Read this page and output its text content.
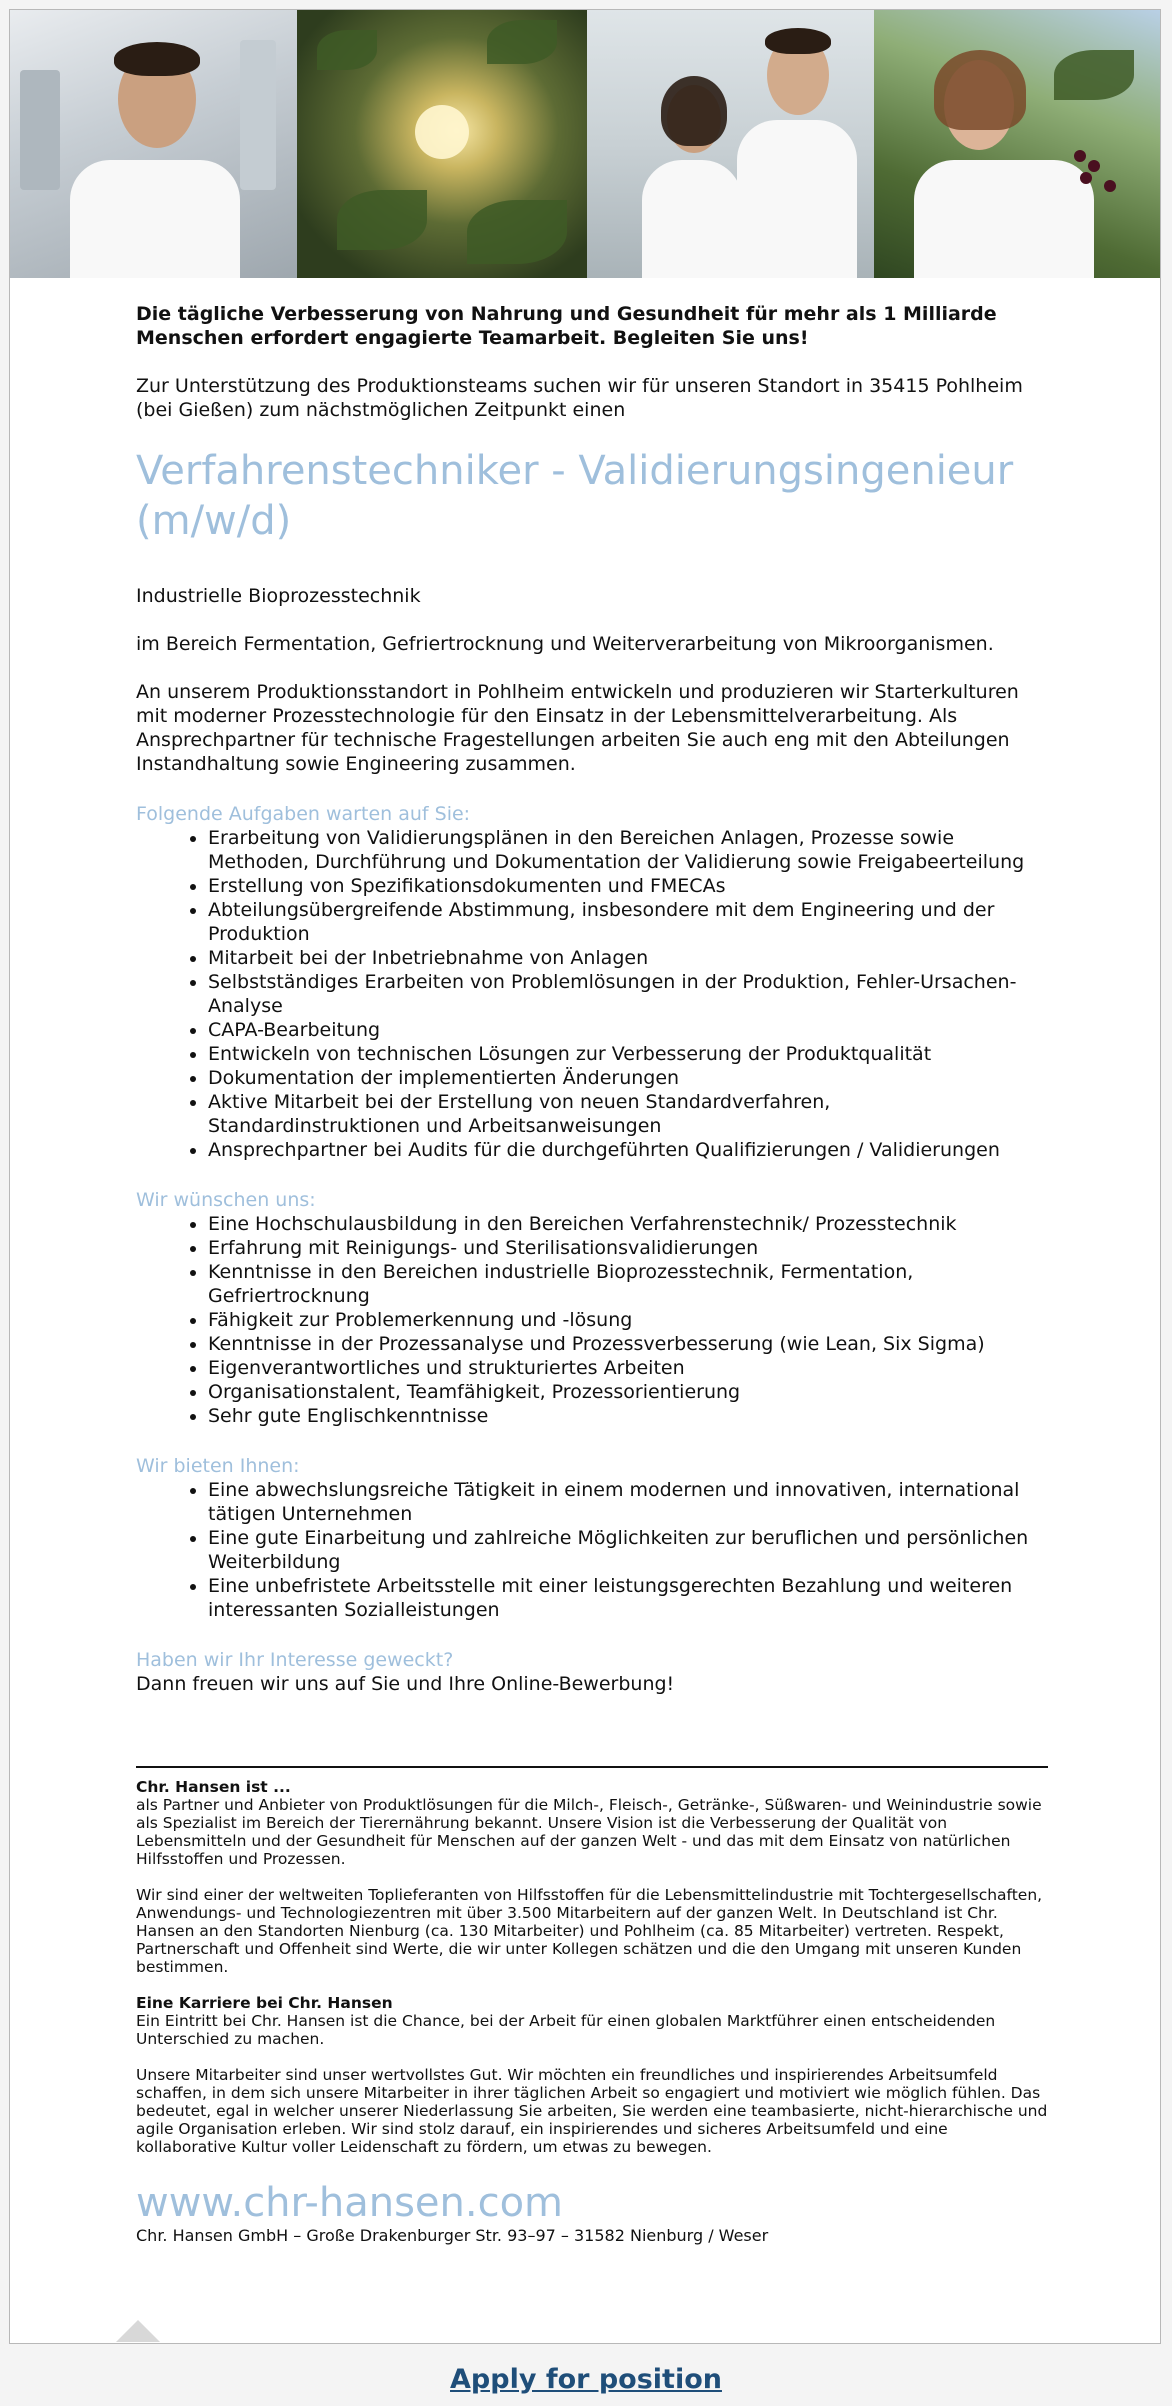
Die tägliche Verbesserung von Nahrung und Gesundheit für mehr als 1 Milliarde Menschen erfordert engagierte Teamarbeit. Begleiten Sie uns!

Zur Unterstützung des Produktionsteams suchen wir für unseren Standort in 35415 Pohlheim (bei Gießen) zum nächstmöglichen Zeitpunkt einen

Verfahrenstechniker - Validierungsingenieur (m/w/d)

Industrielle Bioprozesstechnik

im Bereich Fermentation, Gefriertrocknung und Weiterverarbeitung von Mikroorganismen.

An unserem Produktionsstandort in Pohlheim entwickeln und produzieren wir Starterkulturen mit moderner Prozesstechnologie für den Einsatz in der Lebensmittelverarbeitung. Als Ansprechpartner für technische Fragestellungen arbeiten Sie auch eng mit den Abteilungen Instandhaltung sowie Engineering zusammen.

Folgende Aufgaben warten auf Sie:

• Erarbeitung von Validierungsplänen in den Bereichen Anlagen, Prozesse sowie Methoden, Durchführung und Dokumentation der Validierung sowie Freigabeerteilung
• Erstellung von Spezifikationsdokumenten und FMECAs
• Abteilungsübergreifende Abstimmung, insbesondere mit dem Engineering und der Produktion
• Mitarbeit bei der Inbetriebnahme von Anlagen
• Selbstständiges Erarbeiten von Problemlösungen in der Produktion, Fehler-Ursachen-Analyse
• CAPA-Bearbeitung
• Entwickeln von technischen Lösungen zur Verbesserung der Produktqualität
• Dokumentation der implementierten Änderungen
• Aktive Mitarbeit bei der Erstellung von neuen Standardverfahren, Standardinstruktionen und Arbeitsanweisungen
• Ansprechpartner bei Audits für die durchgeführten Qualifizierungen / Validierungen

Wir wünschen uns:

• Eine Hochschulausbildung in den Bereichen Verfahrenstechnik/ Prozesstechnik
• Erfahrung mit Reinigungs- und Sterilisationsvalidierungen
• Kenntnisse in den Bereichen industrielle Bioprozesstechnik, Fermentation, Gefriertrocknung
• Fähigkeit zur Problemerkennung und -lösung
• Kenntnisse in der Prozessanalyse und Prozessverbesserung (wie Lean, Six Sigma)
• Eigenverantwortliches und strukturiertes Arbeiten
• Organisationstalent, Teamfähigkeit, Prozessorientierung
• Sehr gute Englischkenntnisse

Wir bieten Ihnen:

• Eine abwechslungsreiche Tätigkeit in einem modernen und innovativen, international tätigen Unternehmen
• Eine gute Einarbeitung und zahlreiche Möglichkeiten zur beruflichen und persönlichen Weiterbildung
• Eine unbefristete Arbeitsstelle mit einer leistungsgerechten Bezahlung und weiteren interessanten Sozialleistungen

Haben wir Ihr Interesse geweckt?

Dann freuen wir uns auf Sie und Ihre Online-Bewerbung!

Chr. Hansen ist ...

als Partner und Anbieter von Produktlösungen für die Milch-, Fleisch-, Getränke-, Süßwaren- und Weinindustrie sowie als Spezialist im Bereich der Tierernährung bekannt. Unsere Vision ist die Verbesserung der Qualität von Lebensmitteln und der Gesundheit für Menschen auf der ganzen Welt - und das mit dem Einsatz von natürlichen Hilfsstoffen und Prozessen.

Wir sind einer der weltweiten Toplieferanten von Hilfsstoffen für die Lebensmittelindustrie mit Tochtergesellschaften, Anwendungs- und Technologiezentren mit über 3.500 Mitarbeitern auf der ganzen Welt. In Deutschland ist Chr. Hansen an den Standorten Nienburg (ca. 130 Mitarbeiter) und Pohlheim (ca. 85 Mitarbeiter) vertreten. Respekt, Partnerschaft und Offenheit sind Werte, die wir unter Kollegen schätzen und die den Umgang mit unseren Kunden bestimmen.

Eine Karriere bei Chr. Hansen

Ein Eintritt bei Chr. Hansen ist die Chance, bei der Arbeit für einen globalen Marktführer einen entscheidenden Unterschied zu machen.

Unsere Mitarbeiter sind unser wertvollstes Gut. Wir möchten ein freundliches und inspirierendes Arbeitsumfeld schaffen, in dem sich unsere Mitarbeiter in ihrer täglichen Arbeit so engagiert und motiviert wie möglich fühlen. Das bedeutet, egal in welcher unserer Niederlassung Sie arbeiten, Sie werden eine teambasierte, nicht-hierarchische und agile Organisation erleben. Wir sind stolz darauf, ein inspirierendes und sicheres Arbeitsumfeld und eine kollaborative Kultur voller Leidenschaft zu fördern, um etwas zu bewegen.

www.chr-hansen.com

Chr. Hansen GmbH – Große Drakenburger Str. 93–97 – 31582 Nienburg / Weser

Apply for position
